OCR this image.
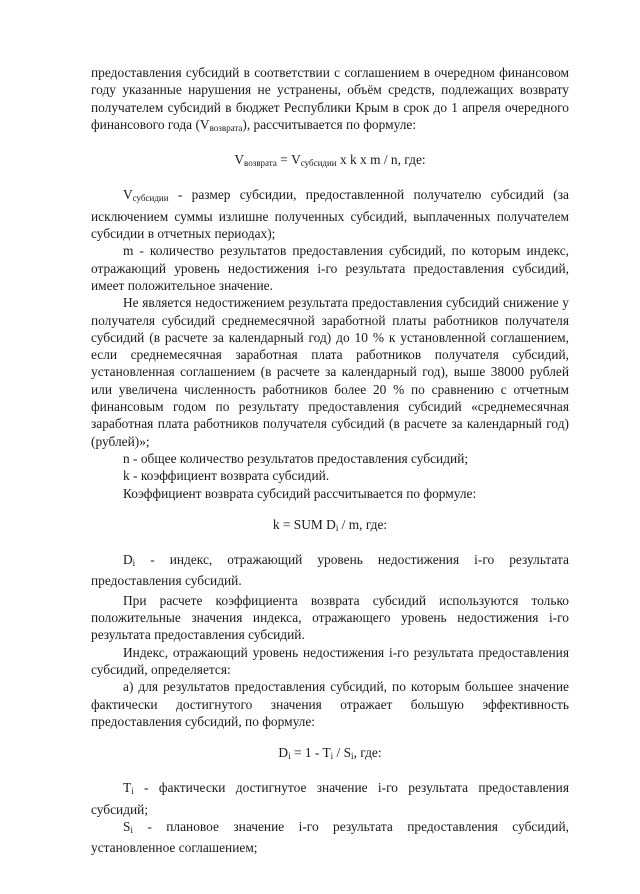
предоставления субсидий в соответствии с соглашением в очередном финансовом году указанные нарушения не устранены, объём средств, подлежащих возврату получателем субсидий в бюджет Республики Крым в срок до 1 апреля очередного финансового года $(V_{возврата})$, рассчитывается по формуле:

$V_{возврата} = V_{субсидии}$ х k х m / n, где:

$V_{субсидии}$ - размер субсидии, предоставленной получателю субсидий (за исключением суммы излишне полученных субсидий, выплаченных получателем субсидии в отчетных периодах);

m - количество результатов предоставления субсидий, по которым индекс, отражающий уровень недостижения i-го результата предоставления субсидий, имеет положительное значение.

Не является недостижением результата предоставления субсидий снижение у получателя субсидий среднемесячной заработной платы работников получателя субсидий (в расчете за календарный год) до 10 % к установленной соглашением, если среднемесячная заработная плата работников получателя субсидий, установленная соглашением (в расчете за календарный год), выше 38000 рублей или увеличена численность работников более 20 % по сравнению с отчетным финансовым годом по результату предоставления субсидий «среднемесячная заработная плата работников получателя субсидий (в расчете за календарный год) (рублей)»;

n - общее количество результатов предоставления субсидий;

k - коэффициент возврата субсидий.

Коэффициент возврата субсидий рассчитывается по формуле:

k = SUM $D_i$ / m, где:

$D_i$ - индекс, отражающий уровень недостижения i-го результата предоставления субсидий.

При расчете коэффициента возврата субсидий используются только положительные значения индекса, отражающего уровень недостижения i-го результата предоставления субсидий.

Индекс, отражающий уровень недостижения i-го результата предоставления субсидий, определяется:

а) для результатов предоставления субсидий, по которым большее значение фактически достигнутого значения отражает большую эффективность предоставления субсидий, по формуле:

$D_i = 1 - T_i / S_i$, где:

$T_i$ - фактически достигнутое значение i-го результата предоставления субсидий;

$S_i$ - плановое значение i-го результата предоставления субсидий, установленное соглашением;
